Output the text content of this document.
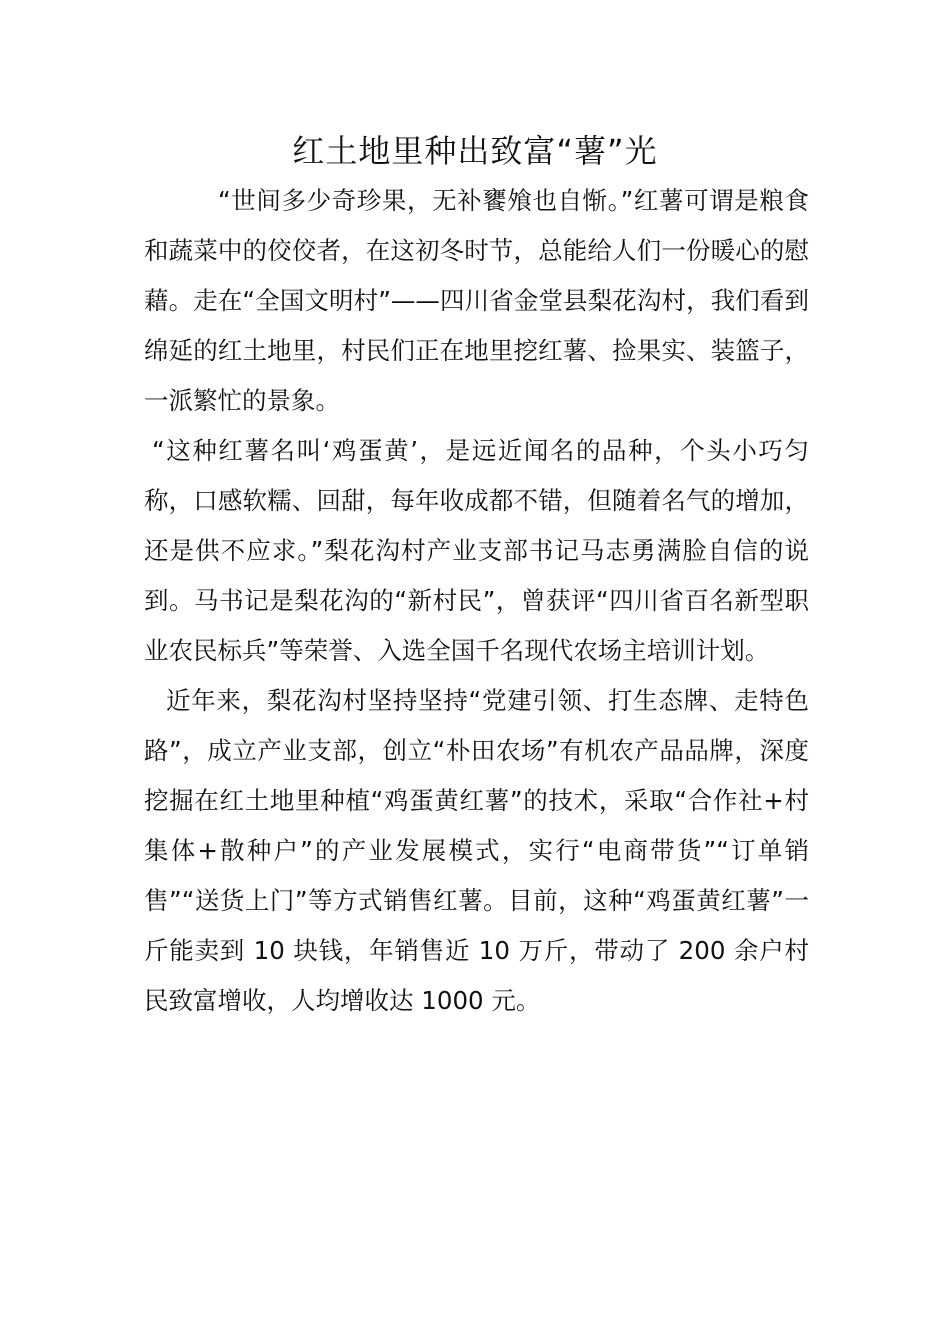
红土地里种出致富“薯”光

“世间多少奇珍果，无补饔飧也自惭。”红薯可谓是粮食和蔬菜中的佼佼者，在这初冬时节，总能给人们一份暖心的慰藉。走在“全国文明村”——四川省金堂县梨花沟村，我们看到绵延的红土地里，村民们正在地里挖红薯、捡果实、装篮子，一派繁忙的景象。

“这种红薯名叫‘鸡蛋黄’，是远近闻名的品种，个头小巧匀称，口感软糯、回甜，每年收成都不错，但随着名气的增加，还是供不应求。”梨花沟村产业支部书记马志勇满脸自信的说到。马书记是梨花沟的“新村民”，曾获评“四川省百名新型职业农民标兵”等荣誉、入选全国千名现代农场主培训计划。

近年来，梨花沟村坚持坚持“党建引领、打生态牌、走特色路”，成立产业支部，创立“朴田农场”有机农产品品牌，深度挖掘在红土地里种植“鸡蛋黄红薯”的技术，采取“合作社+村集体+散种户”的产业发展模式，实行“电商带货”“订单销售”“送货上门”等方式销售红薯。目前，这种“鸡蛋黄红薯”一斤能卖到 10 块钱，年销售近 10 万斤，带动了 200 余户村民致富增收，人均增收达 1000 元。
